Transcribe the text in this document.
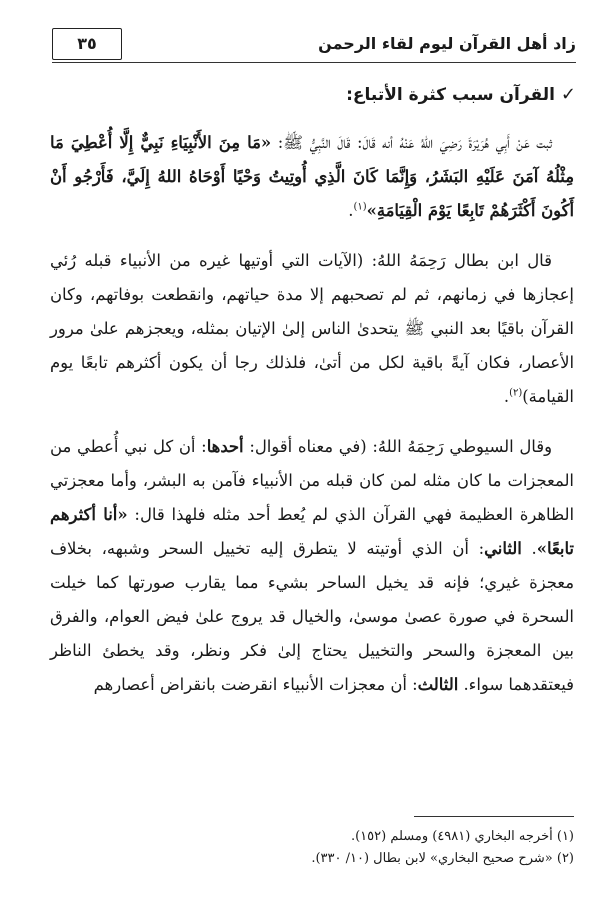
زاد أهل القرآن ليوم لقاء الرحمن
٣٥
✓القرآن سبب كثرة الأتباع:

ثبت عَنْ أَبِي هُرَيْرَةَ رَضِيَ اللهُ عَنْهُ أنه قَالَ: قَالَ النَّبِيُّ ﷺ: «مَا مِنَ الأَنْبِيَاءِ نَبِيٌّ إِلَّا أُعْطِيَ مَا مِثْلُهُ آمَنَ عَلَيْهِ البَشَرُ، وَإِنَّمَا كَانَ الَّذِي أُوتِيتُ وَحْيًا أَوْحَاهُ اللهُ إِلَيَّ، فَأَرْجُو أَنْ أَكُونَ أَكْثَرَهُمْ تَابِعًا يَوْمَ الْقِيَامَةِ»$^{(١)}$.

قال ابن بطال رَحِمَهُ اللهُ: (الآيات التي أوتيها غيره من الأنبياء قبله رُئي إعجازها في زمانهم، ثم لم تصحبهم إلا مدة حياتهم، وانقطعت بوفاتهم، وكان القرآن باقيًا بعد النبي ﷺ يتحدىٰ الناس إلىٰ الإتيان بمثله، ويعجزهم علىٰ مرور الأعصار، فكان آيةً باقية لكل من أتىٰ، فلذلك رجا أن يكون أكثرهم تابعًا يوم القيامة)$^{(٢)}$.

وقال السيوطي رَحِمَهُ اللهُ: (في معناه أقوال: أحدها: أن كل نبي أُعطي من المعجزات ما كان مثله لمن كان قبله من الأنبياء فآمن به البشر، وأما معجزتي الظاهرة العظيمة فهي القرآن الذي لم يُعط أحد مثله فلهذا قال: «أنا أكثرهم تابعًا». الثاني: أن الذي أوتيته لا يتطرق إليه تخييل السحر وشبهه، بخلاف معجزة غيري؛ فإنه قد يخيل الساحر بشيء مما يقارب صورتها كما خيلت السحرة في صورة عصىٰ موسىٰ، والخيال قد يروج علىٰ فيض العوام، والفرق بين المعجزة والسحر والتخييل يحتاج إلىٰ فكر ونظر، وقد يخطئ الناظر فيعتقدهما سواء. الثالث: أن معجزات الأنبياء انقرضت بانقراض أعصارهم

(١) أخرجه البخاري (٤٩٨١) ومسلم (١٥٢).

(٢) «شرح صحيح البخاري» لابن بطال (١٠/ ٣٣٠).
